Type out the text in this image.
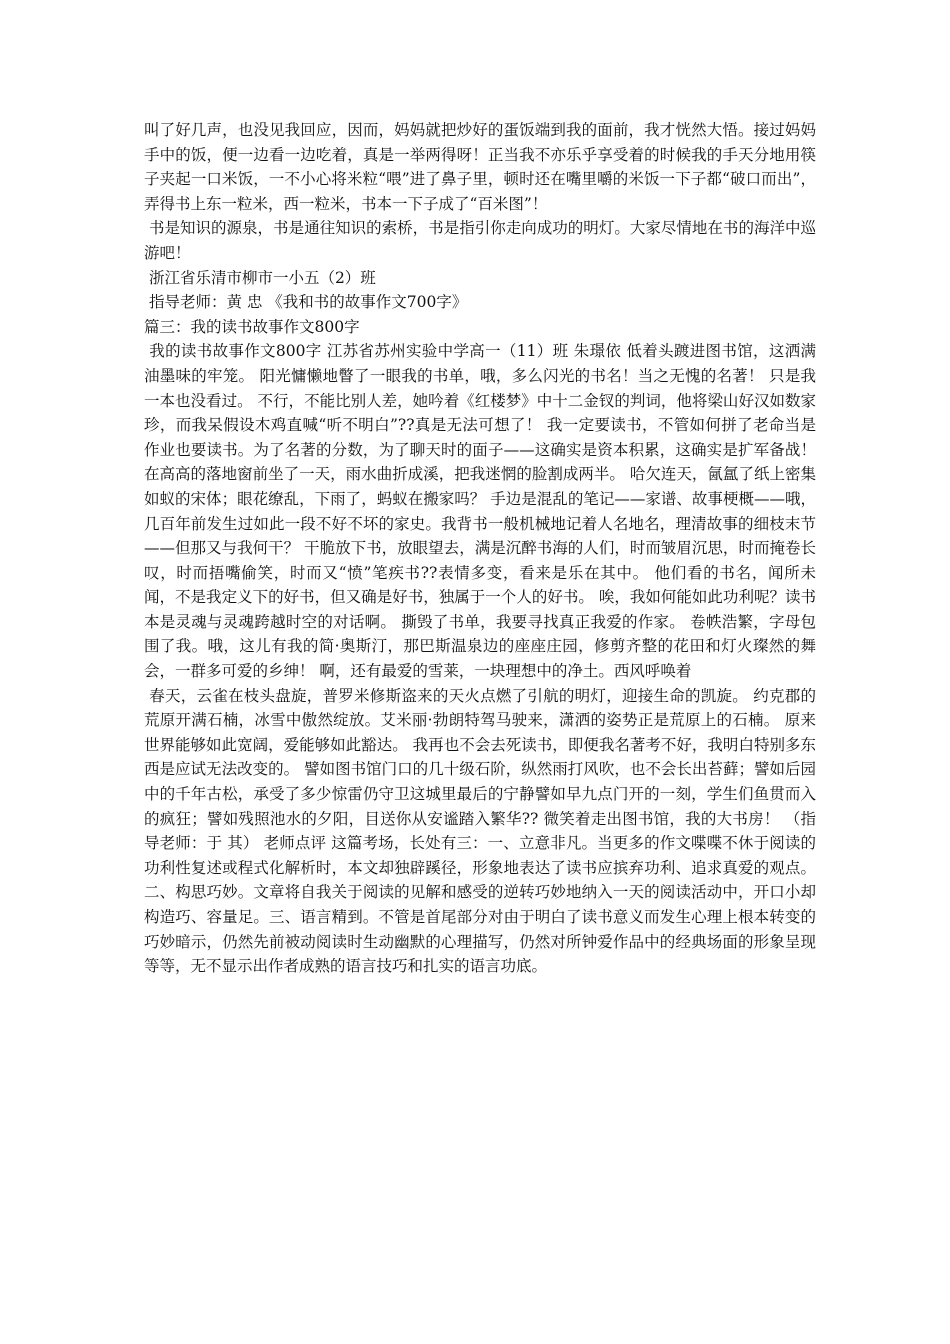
叫了好几声，也没见我回应，因而，妈妈就把炒好的蛋饭端到我的面前，我才恍然大悟。接过妈妈手中的饭，便一边看一边吃着，真是一举两得呀！正当我不亦乐乎享受着的时候我的手天分地用筷子夹起一口米饭，一不小心将米粒“喂”进了鼻子里，顿时还在嘴里嚼的米饭一下子都“破口而出”，弄得书上东一粒米，西一粒米，书本一下子成了“百米图”！

书是知识的源泉，书是通往知识的索桥，书是指引你走向成功的明灯。大家尽情地在书的海洋中巡游吧！

浙江省乐清市柳市一小五（2）班

指导老师：黄 忠 《我和书的故事作文700字》

篇三：我的读书故事作文800字

我的读书故事作文800字 江苏省苏州实验中学高一（11）班 朱璟依 低着头踱进图书馆，这洒满油墨味的牢笼。 阳光慵懒地瞥了一眼我的书单，哦，多么闪光的书名！当之无愧的名著！ 只是我一本也没看过。 不行，不能比别人差，她吟着《红楼梦》中十二金钗的判词，他将梁山好汉如数家珍，而我呆假设木鸡直喊“听不明白”??真是无法可想了！ 我一定要读书，不管如何拼了老命当是作业也要读书。为了名著的分数，为了聊天时的面子——这确实是资本积累，这确实是扩军备战！ 在高高的落地窗前坐了一天，雨水曲折成溪，把我迷惘的脸割成两半。 哈欠连天，氤氲了纸上密集如蚁的宋体；眼花缭乱，下雨了，蚂蚁在搬家吗？ 手边是混乱的笔记——家谱、故事梗概——哦，几百年前发生过如此一段不好不坏的家史。我背书一般机械地记着人名地名，理清故事的细枝末节——但那又与我何干？ 干脆放下书，放眼望去，满是沉醉书海的人们，时而皱眉沉思，时而掩卷长叹，时而捂嘴偷笑，时而又“愤”笔疾书??表情多变，看来是乐在其中。 他们看的书名，闻所未闻，不是我定义下的好书，但又确是好书，独属于一个人的好书。 唉，我如何能如此功利呢？读书本是灵魂与灵魂跨越时空的对话啊。 撕毁了书单，我要寻找真正我爱的作家。 卷帙浩繁，字母包围了我。哦，这儿有我的简·奥斯汀，那巴斯温泉边的座座庄园，修剪齐整的花田和灯火璨然的舞会，一群多可爱的乡绅！ 啊，还有最爱的雪莱，一块理想中的净土。西风呼唤着

春天，云雀在枝头盘旋，普罗米修斯盗来的天火点燃了引航的明灯，迎接生命的凯旋。 约克郡的荒原开满石楠，冰雪中傲然绽放。艾米丽·勃朗特驾马驶来，潇洒的姿势正是荒原上的石楠。 原来世界能够如此宽阔，爱能够如此豁达。 我再也不会去死读书，即便我名著考不好，我明白特别多东西是应试无法改变的。 譬如图书馆门口的几十级石阶，纵然雨打风吹，也不会长出苔藓；譬如后园中的千年古松，承受了多少惊雷仍守卫这城里最后的宁静譬如早九点门开的一刻，学生们鱼贯而入的疯狂；譬如残照池水的夕阳，目送你从安谧踏入繁华?? 微笑着走出图书馆，我的大书房！ （指导老师：于 其） 老师点评 这篇考场，长处有三：一、立意非凡。当更多的作文喋喋不休于阅读的功利性复述或程式化解析时，本文却独辟蹊径，形象地表达了读书应摈弃功利、追求真爱的观点。二、构思巧妙。文章将自我关于阅读的见解和感受的逆转巧妙地纳入一天的阅读活动中，开口小却构造巧、容量足。三、语言精到。不管是首尾部分对由于明白了读书意义而发生心理上根本转变的巧妙暗示，仍然先前被动阅读时生动幽默的心理描写，仍然对所钟爱作品中的经典场面的形象呈现等等，无不显示出作者成熟的语言技巧和扎实的语言功底。
